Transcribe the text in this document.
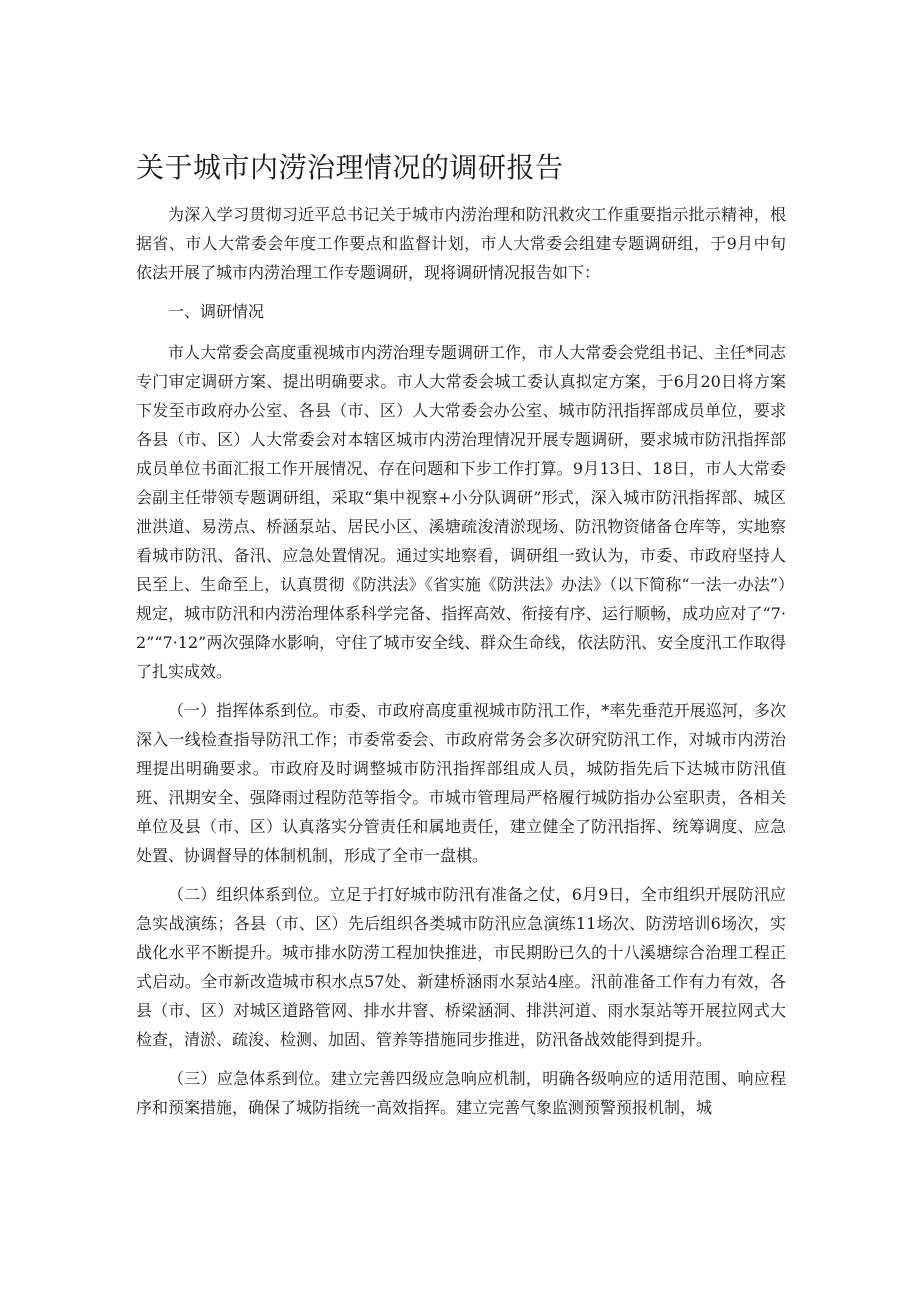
关于城市内涝治理情况的调研报告

为深入学习贯彻习近平总书记关于城市内涝治理和防汛救灾工作重要指示批示精神，根据省、市人大常委会年度工作要点和监督计划，市人大常委会组建专题调研组，于9月中旬依法开展了城市内涝治理工作专题调研，现将调研情况报告如下：

一、调研情况

市人大常委会高度重视城市内涝治理专题调研工作，市人大常委会党组书记、主任*同志专门审定调研方案、提出明确要求。市人大常委会城工委认真拟定方案，于6月20日将方案下发至市政府办公室、各县（市、区）人大常委会办公室、城市防汛指挥部成员单位，要求各县（市、区）人大常委会对本辖区城市内涝治理情况开展专题调研，要求城市防汛指挥部成员单位书面汇报工作开展情况、存在问题和下步工作打算。9月13日、18日，市人大常委会副主任带领专题调研组，采取“集中视察+小分队调研”形式，深入城市防汛指挥部、城区泄洪道、易涝点、桥涵泵站、居民小区、溪塘疏浚清淤现场、防汛物资储备仓库等，实地察看城市防汛、备汛、应急处置情况。通过实地察看，调研组一致认为，市委、市政府坚持人民至上、生命至上，认真贯彻《防洪法》《省实施《防洪法》办法》（以下简称“一法一办法”）规定，城市防汛和内涝治理体系科学完备、指挥高效、衔接有序、运行顺畅，成功应对了“7·2”“7·12”两次强降水影响，守住了城市安全线、群众生命线，依法防汛、安全度汛工作取得了扎实成效。

（一）指挥体系到位。市委、市政府高度重视城市防汛工作，*率先垂范开展巡河，多次深入一线检查指导防汛工作；市委常委会、市政府常务会多次研究防汛工作，对城市内涝治理提出明确要求。市政府及时调整城市防汛指挥部组成人员，城防指先后下达城市防汛值班、汛期安全、强降雨过程防范等指令。市城市管理局严格履行城防指办公室职责，各相关单位及县（市、区）认真落实分管责任和属地责任，建立健全了防汛指挥、统筹调度、应急处置、协调督导的体制机制，形成了全市一盘棋。

（二）组织体系到位。立足于打好城市防汛有准备之仗，6月9日，全市组织开展防汛应急实战演练；各县（市、区）先后组织各类城市防汛应急演练11场次、防涝培训6场次，实战化水平不断提升。城市排水防涝工程加快推进，市民期盼已久的十八溪塘综合治理工程正式启动。全市新改造城市积水点57处、新建桥涵雨水泵站4座。汛前准备工作有力有效，各县（市、区）对城区道路管网、排水井窨、桥梁涵洞、排洪河道、雨水泵站等开展拉网式大检查，清淤、疏浚、检测、加固、管养等措施同步推进，防汛备战效能得到提升。

（三）应急体系到位。建立完善四级应急响应机制，明确各级响应的适用范围、响应程序和预案措施，确保了城防指统一高效指挥。建立完善气象监测预警预报机制，城
